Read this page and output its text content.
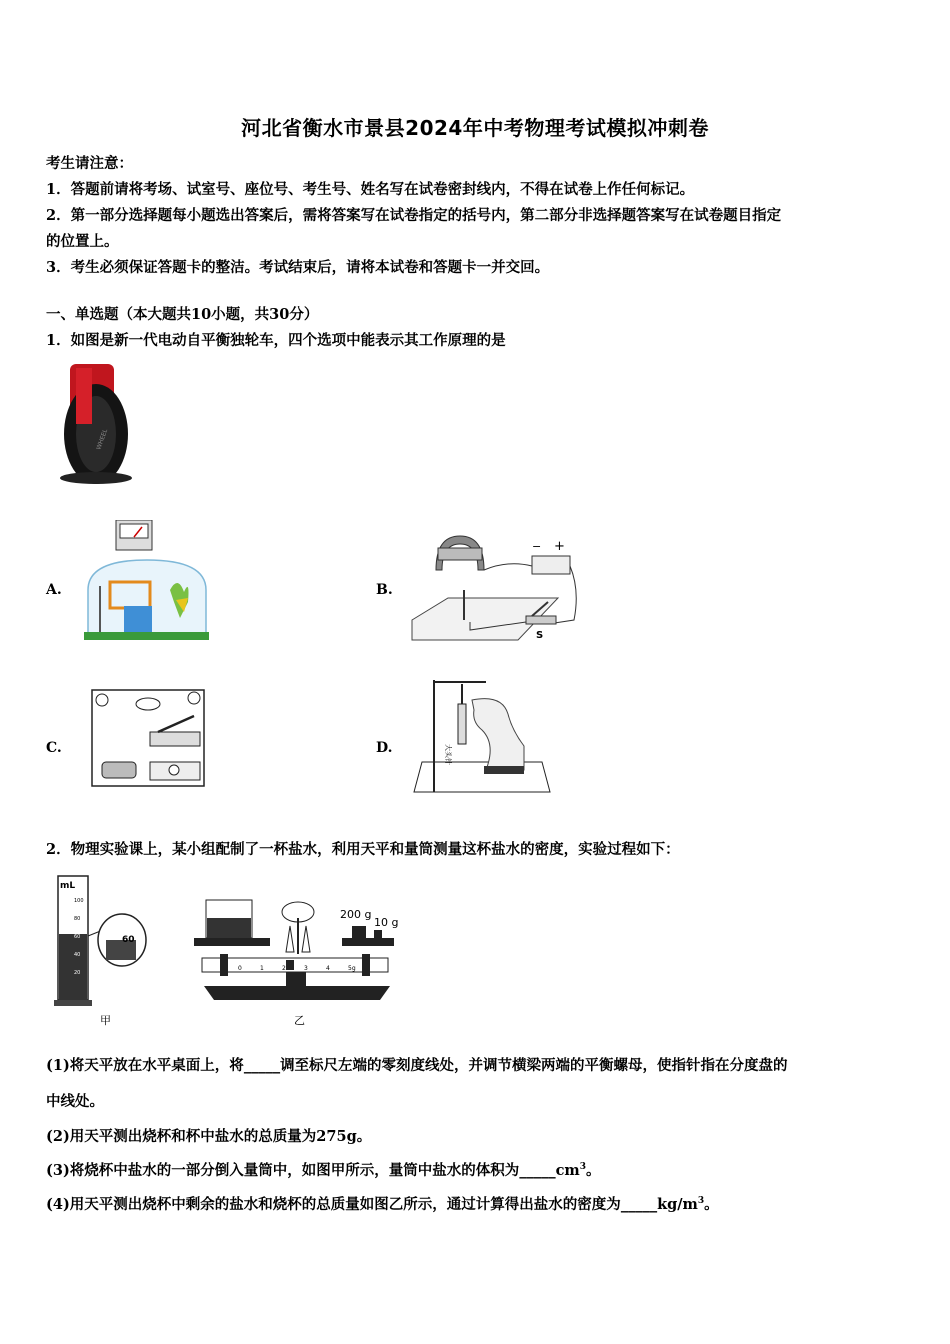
河北省衡水市景县2024年中考物理考试模拟冲刺卷
考生请注意：
1．答题前请将考场、试室号、座位号、考生号、姓名写在试卷密封线内，不得在试卷上作任何标记。
2．第一部分选择题每小题选出答案后，需将答案写在试卷指定的括号内，第二部分非选择题答案写在试卷题目指定
的位置上。
3．考生必须保证答题卡的整洁。考试结束后，请将本试卷和答题卡一并交回。
一、单选题（本大题共10小题，共30分）
1．如图是新一代电动自平衡独轮车，四个选项中能表示其工作原理的是
WHEEL
A.	B.
− +
S
C.	D.	大头针
2．物理实验课上，某小组配制了一杯盐水，利用天平和量筒测量这杯盐水的密度，实验过程如下：
mL
100
80
60
40
20
60
甲
200 g
10 g
0	1	2	3	4	5g
乙
(1)将天平放在水平桌面上，将_____调至标尺左端的零刻度线处，并调节横梁两端的平衡螺母，使指针指在分度盘的
中线处。
(2)用天平测出烧杯和杯中盐水的总质量为275g。
(3)将烧杯中盐水的一部分倒入量筒中，如图甲所示，量筒中盐水的体积为$\_\_\_\_\_cm^3$。
(4)用天平测出烧杯中剩余的盐水和烧杯的总质量如图乙所示，通过计算得出盐水的密度为$\_\_\_\_\_kg/m^3$。
